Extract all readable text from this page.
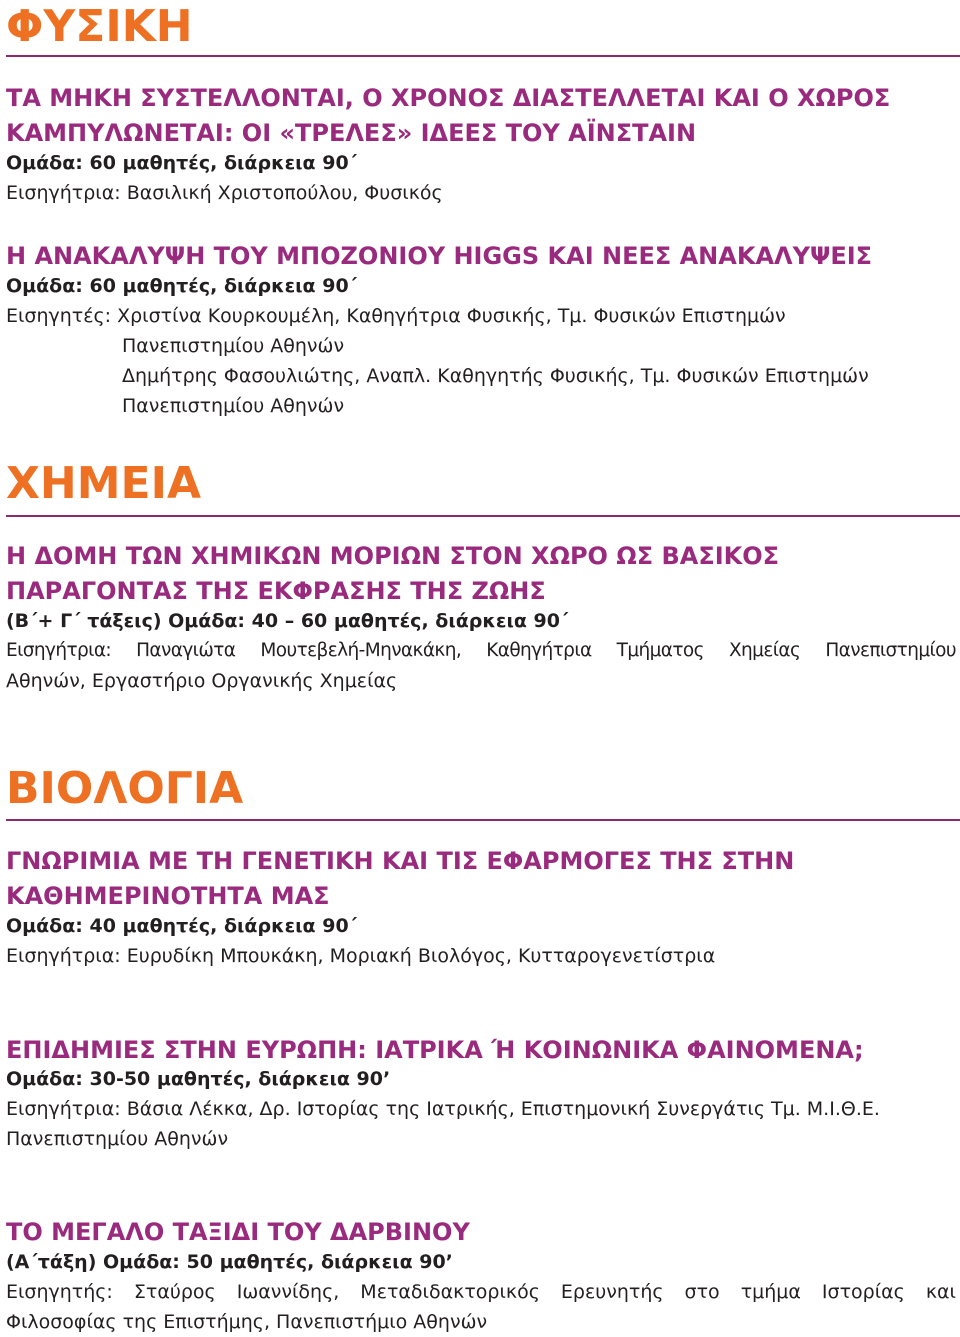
ΦΥΣΙΚΗ
ΤΑ ΜΗΚΗ ΣΥΣΤΕΛΛΟΝΤΑΙ, Ο ΧΡΟΝΟΣ ΔΙΑΣΤΕΛΛΕΤΑΙ ΚΑΙ Ο ΧΩΡΟΣ
ΚΑΜΠΥΛΩΝΕΤΑΙ: ΟΙ «ΤΡΕΛΕΣ» ΙΔΕΕΣ ΤΟΥ ΑΪΝΣΤΑΙΝ
Ομάδα: 60 μαθητές, διάρκεια 90΄
Εισηγήτρια: Βασιλική Χριστοπούλου, Φυσικός
Η ΑΝΑΚΑΛΥΨΗ ΤΟΥ ΜΠΟΖΟΝΙΟΥ HIGGS ΚΑΙ ΝΕΕΣ ΑΝΑΚΑΛΥΨΕΙΣ
Ομάδα: 60 μαθητές, διάρκεια 90΄
Εισηγητές: Χριστίνα Κουρκουμέλη, Καθηγήτρια Φυσικής, Τμ. Φυσικών Επιστημών
Πανεπιστημίου Αθηνών
Δημήτρης Φασουλιώτης, Αναπλ. Καθηγητής Φυσικής, Τμ. Φυσικών Επιστημών
Πανεπιστημίου Αθηνών
ΧΗΜΕΙΑ
Η ΔΟΜΗ ΤΩΝ ΧΗΜΙΚΩΝ ΜΟΡΙΩΝ ΣΤΟΝ ΧΩΡΟ ΩΣ ΒΑΣΙΚΟΣ
ΠΑΡΑΓΟΝΤΑΣ ΤΗΣ ΕΚΦΡΑΣΗΣ ΤΗΣ ΖΩΗΣ
(Β΄+ Γ΄ τάξεις) Ομάδα: 40 – 60 μαθητές, διάρκεια 90΄
Εισηγήτρια: Παναγιώτα Μουτεβελή-Μηνακάκη, Καθηγήτρια Τμήματος Χημείας Πανεπιστημίου
Αθηνών, Εργαστήριο Οργανικής Χημείας
ΒΙΟΛΟΓΙΑ
ΓΝΩΡΙΜΙΑ ΜΕ ΤΗ ΓΕΝΕΤΙΚΗ ΚΑΙ ΤΙΣ ΕΦΑΡΜΟΓΕΣ ΤΗΣ ΣΤΗΝ
ΚΑΘΗΜΕΡΙΝΟΤΗΤΑ ΜΑΣ
Ομάδα: 40 μαθητές, διάρκεια 90΄
Εισηγήτρια: Ευρυδίκη Μπουκάκη, Μοριακή Βιολόγος, Κυτταρογενετίστρια
ΕΠΙΔΗΜΙΕΣ ΣΤΗΝ ΕΥΡΩΠΗ: ΙΑΤΡΙΚΑ Ή ΚΟΙΝΩΝΙΚΑ ΦΑΙΝΟΜΕΝΑ;
Ομάδα: 30-50 μαθητές, διάρκεια 90’
Εισηγήτρια: Βάσια Λέκκα, Δρ. Ιστορίας της Ιατρικής, Επιστημονική Συνεργάτις Τμ. Μ.Ι.Θ.Ε.
Πανεπιστημίου Αθηνών
ΤΟ ΜΕΓΑΛΟ ΤΑΞΙΔΙ ΤΟΥ ΔΑΡΒΙΝΟΥ
(Α΄τάξη) Ομάδα: 50 μαθητές, διάρκεια 90’
Εισηγητής: Σταύρος Ιωαννίδης, Μεταδιδακτορικός Ερευνητής στο τμήμα Ιστορίας και
Φιλοσοφίας της Επιστήμης, Πανεπιστήμιο Αθηνών
